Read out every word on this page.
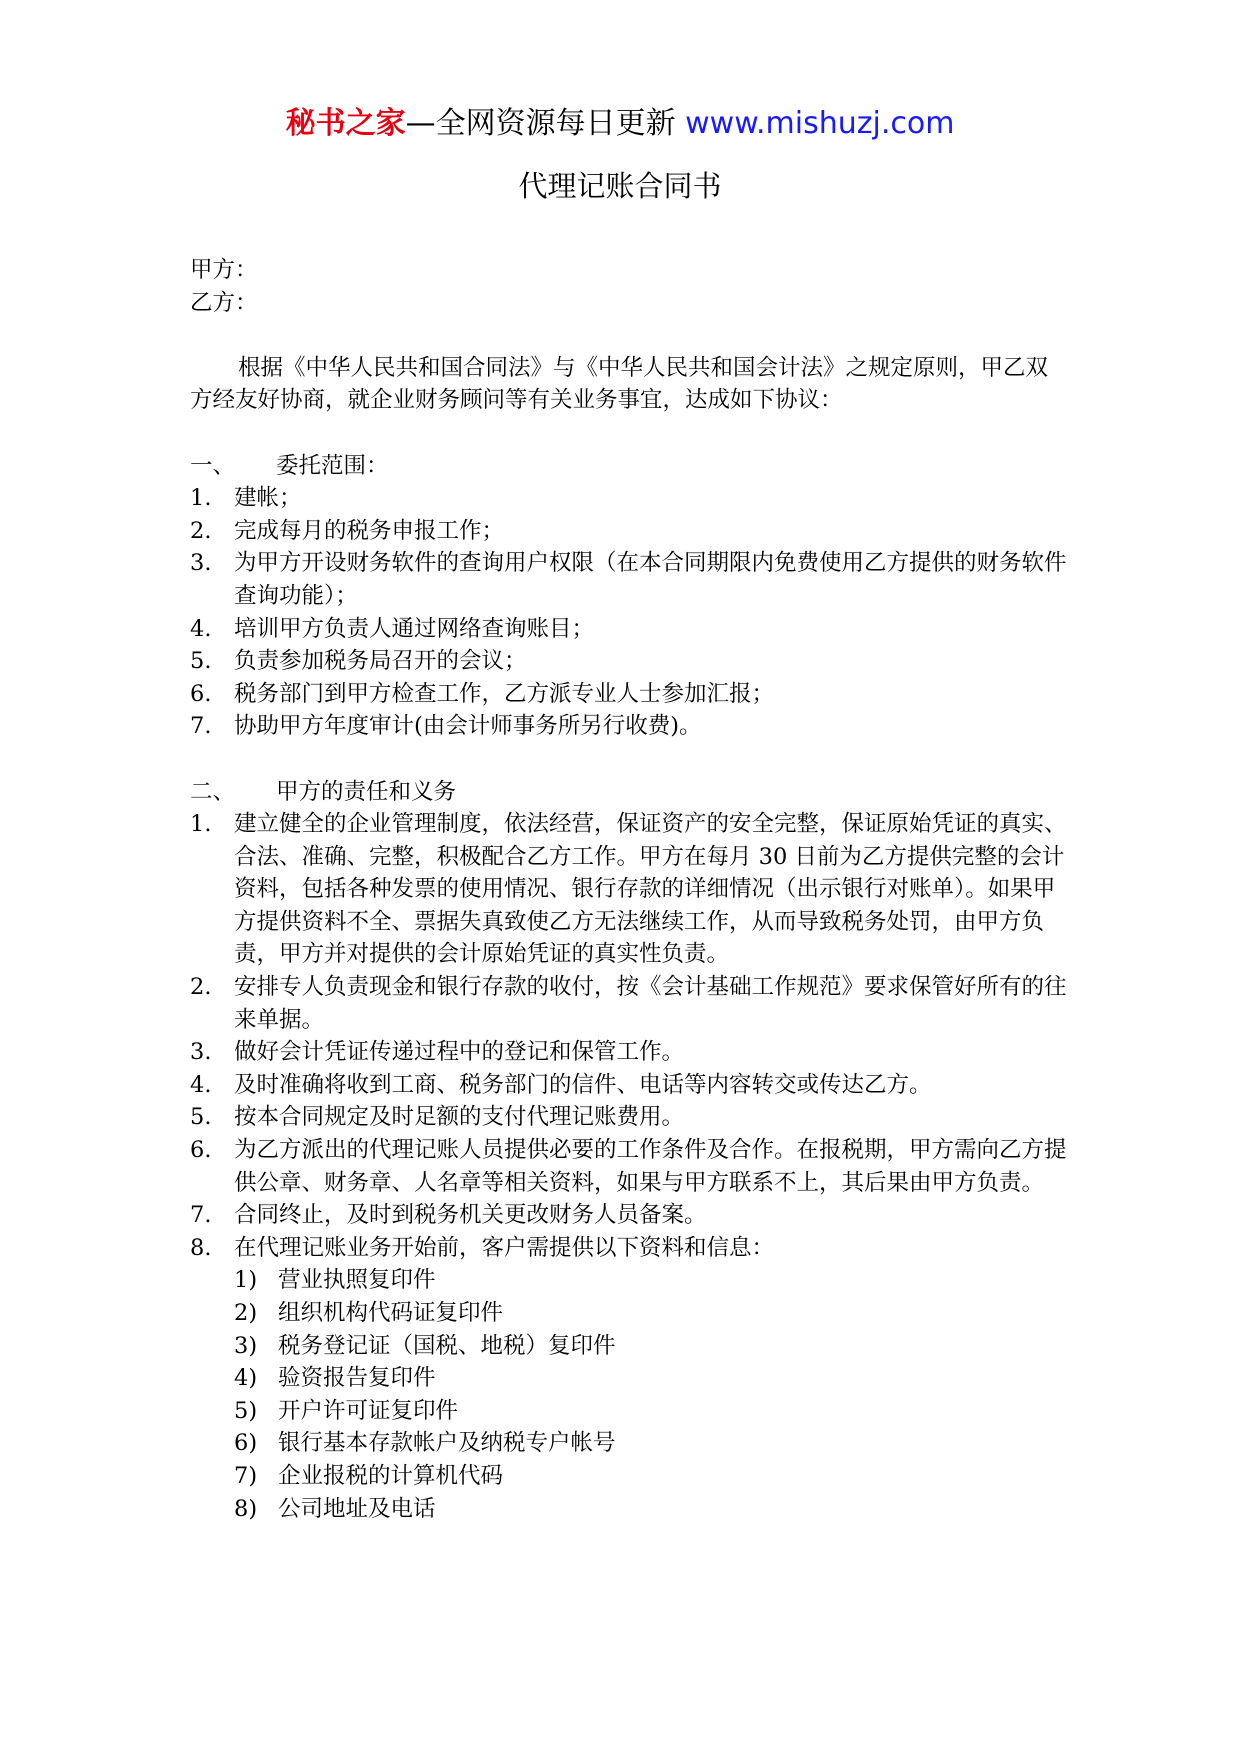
秘书之家—全网资源每日更新 www.mishuzj.com
代理记账合同书
甲方：
乙方：
根据《中华人民共和国合同法》与《中华人民共和国会计法》之规定原则，甲乙双方经友好协商，就企业财务顾问等有关业务事宜，达成如下协议：
一、	委托范围：
1.	建帐；
2.	完成每月的税务申报工作；
3.	为甲方开设财务软件的查询用户权限（在本合同期限内免费使用乙方提供的财务软件查询功能）；
4.	培训甲方负责人通过网络查询账目；
5.	负责参加税务局召开的会议；
6.	税务部门到甲方检查工作，乙方派专业人士参加汇报；
7.	协助甲方年度审计(由会计师事务所另行收费)。
二、	甲方的责任和义务
1.	建立健全的企业管理制度，依法经营，保证资产的安全完整，保证原始凭证的真实、合法、准确、完整，积极配合乙方工作。甲方在每月 30 日前为乙方提供完整的会计资料，包括各种发票的使用情况、银行存款的详细情况（出示银行对账单）。如果甲方提供资料不全、票据失真致使乙方无法继续工作，从而导致税务处罚，由甲方负责，甲方并对提供的会计原始凭证的真实性负责。
2.	安排专人负责现金和银行存款的收付，按《会计基础工作规范》要求保管好所有的往来单据。
3.	做好会计凭证传递过程中的登记和保管工作。
4.	及时准确将收到工商、税务部门的信件、电话等内容转交或传达乙方。
5.	按本合同规定及时足额的支付代理记账费用。
6.	为乙方派出的代理记账人员提供必要的工作条件及合作。在报税期，甲方需向乙方提供公章、财务章、人名章等相关资料，如果与甲方联系不上，其后果由甲方负责。
7.	合同终止，及时到税务机关更改财务人员备案。
8.	在代理记账业务开始前，客户需提供以下资料和信息：
1) 营业执照复印件
2) 组织机构代码证复印件
3) 税务登记证（国税、地税）复印件
4) 验资报告复印件
5) 开户许可证复印件
6) 银行基本存款帐户及纳税专户帐号
7) 企业报税的计算机代码
8) 公司地址及电话
